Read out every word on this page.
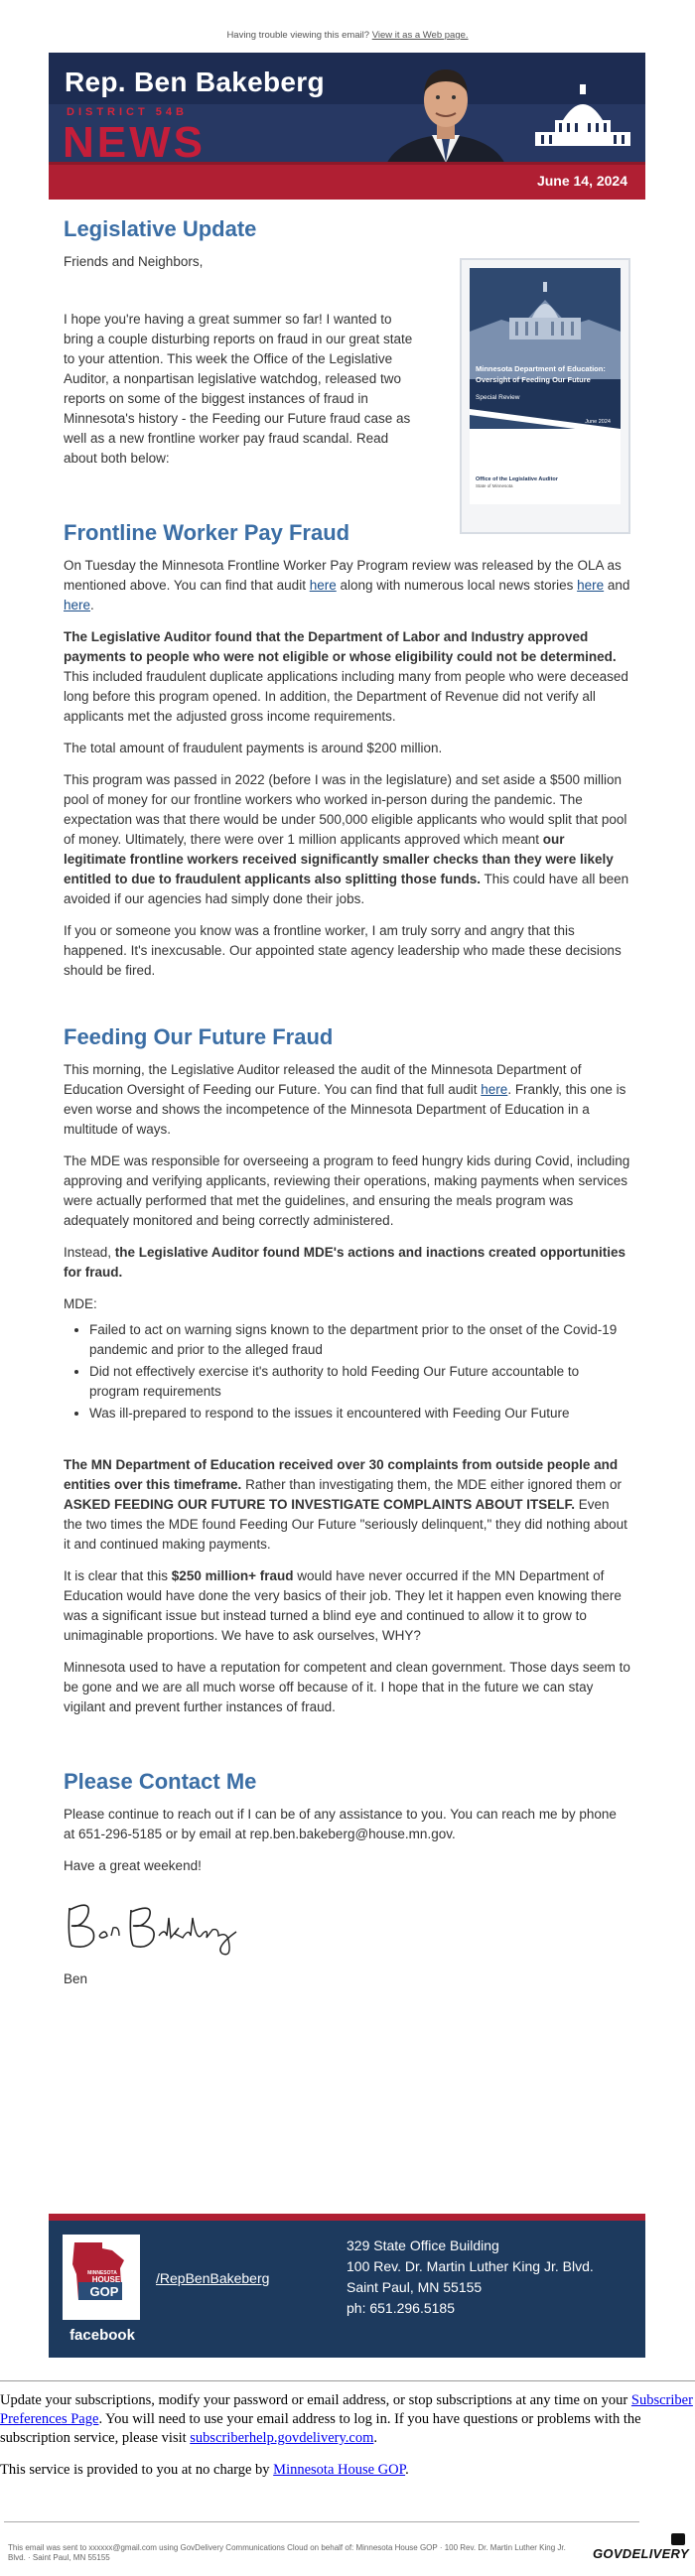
Having trouble viewing this email? View it as a Web page.
Rep. Ben Bakeberg
DISTRICT 54B
NEWS
June 14, 2024
Minnesota Department of Education:
Oversight of Feeding Our Future
Special Review
June 2024
Office of the Legislative Auditor
State of Minnesota
Legislative Update

Friends and Neighbors,

I hope you're having a great summer so far! I wanted to bring a couple disturbing reports on fraud in our great state to your attention. This week the Office of the Legislative Auditor, a nonpartisan legislative watchdog, released two reports on some of the biggest instances of fraud in Minnesota's history - the Feeding our Future fraud case as well as a new frontline worker pay fraud scandal. Read about both below:

Frontline Worker Pay Fraud

On Tuesday the Minnesota Frontline Worker Pay Program review was released by the OLA as mentioned above. You can find that audit here along with numerous local news stories here and here.

The Legislative Auditor found that the Department of Labor and Industry approved payments to people who were not eligible or whose eligibility could not be determined. This included fraudulent duplicate applications including many from people who were deceased long before this program opened. In addition, the Department of Revenue did not verify all applicants met the adjusted gross income requirements.

The total amount of fraudulent payments is around $200 million.

This program was passed in 2022 (before I was in the legislature) and set aside a $500 million pool of money for our frontline workers who worked in-person during the pandemic. The expectation was that there would be under 500,000 eligible applicants who would split that pool of money. Ultimately, there were over 1 million applicants approved which meant our legitimate frontline workers received significantly smaller checks than they were likely entitled to due to fraudulent applicants also splitting those funds. This could have all been avoided if our agencies had simply done their jobs.

If you or someone you know was a frontline worker, I am truly sorry and angry that this happened. It's inexcusable. Our appointed state agency leadership who made these decisions should be fired.

Feeding Our Future Fraud

This morning, the Legislative Auditor released the audit of the Minnesota Department of Education Oversight of Feeding our Future. You can find that full audit here. Frankly, this one is even worse and shows the incompetence of the Minnesota Department of Education in a multitude of ways.

The MDE was responsible for overseeing a program to feed hungry kids during Covid, including approving and verifying applicants, reviewing their operations, making payments when services were actually performed that met the guidelines, and ensuring the meals program was adequately monitored and being correctly administered.

Instead, the Legislative Auditor found MDE's actions and inactions created opportunities for fraud.

MDE:

• Failed to act on warning signs known to the department prior to the onset of the Covid-19 pandemic and prior to the alleged fraud
• Did not effectively exercise it's authority to hold Feeding Our Future accountable to program requirements
• Was ill-prepared to respond to the issues it encountered with Feeding Our Future

The MN Department of Education received over 30 complaints from outside people and entities over this timeframe. Rather than investigating them, the MDE either ignored them or ASKED FEEDING OUR FUTURE TO INVESTIGATE COMPLAINTS ABOUT ITSELF. Even the two times the MDE found Feeding Our Future "seriously delinquent," they did nothing about it and continued making payments.

It is clear that this $250 million+ fraud would have never occurred if the MN Department of Education would have done the very basics of their job. They let it happen even knowing there was a significant issue but instead turned a blind eye and continued to allow it to grow to unimaginable proportions. We have to ask ourselves, WHY?

Minnesota used to have a reputation for competent and clean government. Those days seem to be gone and we are all much worse off because of it. I hope that in the future we can stay vigilant and prevent further instances of fraud.

Please Contact Me

Please continue to reach out if I can be of any assistance to you. You can reach me by phone at 651-296-5185 or by email at rep.ben.bakeberg@house.mn.gov.

Have a great weekend!

Ben

MINNESOTA
HOUSE
GOP
facebook
/RepBenBakeberg
329 State Office Building
100 Rev. Dr. Martin Luther King Jr. Blvd.
Saint Paul, MN 55155
ph: 651.296.5185

Update your subscriptions, modify your password or email address, or stop subscriptions at any time on your Subscriber Preferences Page. You will need to use your email address to log in. If you have questions or problems with the subscription service, please visit subscriberhelp.govdelivery.com.

This service is provided to you at no charge by Minnesota House GOP.

This email was sent to xxxxxx@gmail.com using GovDelivery Communications Cloud on behalf of: Minnesota House GOP · 100 Rev. Dr. Martin Luther King Jr. Blvd. · Saint Paul, MN 55155	GOVDELIVERY
